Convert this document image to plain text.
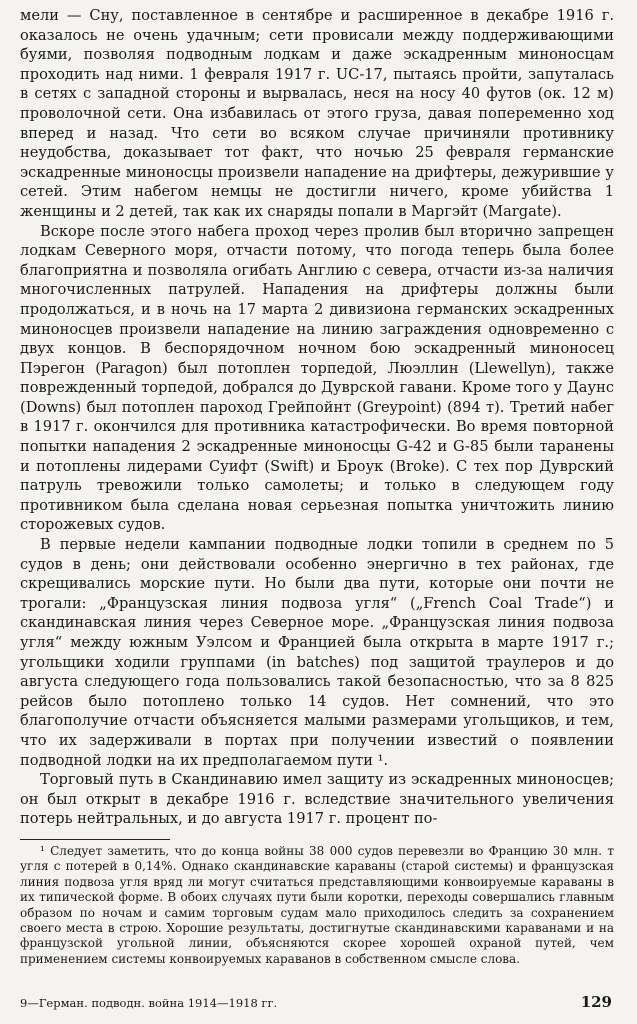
мели — Сну, поставленное в сентябре и расширенное в декабре 1916 г. оказалось не очень удачным; сети провисали между поддерживающими буями, позволяя подводным лодкам и даже эскадренным миноносцам проходить над ними. 1 февраля 1917 г. UC-17, пытаясь пройти, запуталась в сетях с западной стороны и вырвалась, неся на носу 40 футов (ок. 12 м) проволочной сети. Она избавилась от этого груза, давая попеременно ход вперед и назад. Что сети во всяком случае причиняли противнику неудобства, доказывает тот факт, что ночью 25 февраля германские эскадренные миноносцы произвели нападение на дрифтеры, дежурившие у сетей. Этим набегом немцы не достигли ничего, кроме убийства 1 женщины и 2 детей, так как их снаряды попали в Маргэйт (Margate).

Вскоре после этого набега проход через пролив был вторично запрещен лодкам Северного моря, отчасти потому, что погода теперь была более благоприятна и позволяла огибать Англию с севера, отчасти из-за наличия многочисленных патрулей. Нападения на дрифтеры должны были продолжаться, и в ночь на 17 марта 2 дивизиона германских эскадренных миноносцев произвели нападение на линию заграждения одновременно с двух концов. В беспорядочном ночном бою эскадренный миноносец Пэрегон (Paragon) был потоплен торпедой, Люэллин (Llewellyn), также поврежденный торпедой, добрался до Дуврской гавани. Кроме того у Даунс (Downs) был потоплен пароход Грейпойнт (Greypoint) (894 т). Третий набег в 1917 г. окончился для противника катастрофически. Во время повторной попытки нападения 2 эскадренные миноносцы G-42 и G-85 были таранены и потоплены лидерами Суифт (Swift) и Броук (Broke). С тех пор Дуврский патруль тревожили только самолеты; и только в следующем году противником была сделана новая серьезная попытка уничтожить линию сторожевых судов.

В первые недели кампании подводные лодки топили в среднем по 5 судов в день; они действовали особенно энергично в тех районах, где скрещивались морские пути. Но были два пути, которые они почти не трогали: „Французская линия подвоза угля“ („French Coal Trade“) и скандинавская линия через Северное море. „Французская линия подвоза угля“ между южным Уэлсом и Францией была открыта в марте 1917 г.; угольщики ходили группами (in batches) под защитой траулеров и до августа следующего года пользовались такой безопасностью, что за 8 825 рейсов было потоплено только 14 судов. Нет сомнений, что это благополучие отчасти объясняется малыми размерами угольщиков, и тем, что их задерживали в портах при получении известий о появлении подводной лодки на их предполагаемом пути ¹.

Торговый путь в Скандинавию имел защиту из эскадренных миноносцев; он был открыт в декабре 1916 г. вследствие значительного увеличения потерь нейтральных, и до августа 1917 г. процент по-

¹ Следует заметить, что до конца войны 38 000 судов перевезли во Францию 30 млн. т угля с потерей в 0,14%. Однако скандинавские караваны (старой системы) и французская линия подвоза угля вряд ли могут считаться представляющими конвоируемые караваны в их типической форме. В обоих случаях пути были коротки, переходы совершались главным образом по ночам и самим торговым судам мало приходилось следить за сохранением своего места в строю. Хорошие результаты, достигнутые скандинавскими караванами и на французской угольной линии, объясняются скорее хорошей охраной путей, чем применением системы конвоируемых караванов в собственном смысле слова.

9—Герман. подводн. война 1914—1918 гг.	129
